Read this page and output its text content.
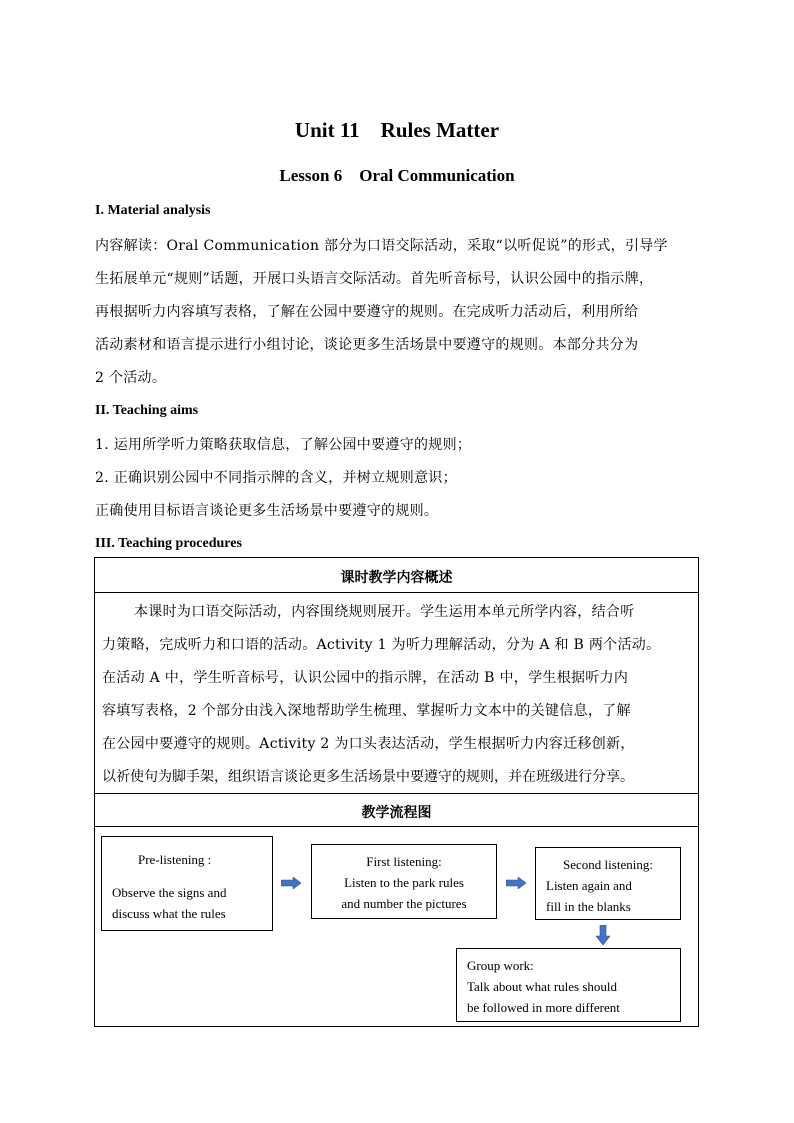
Unit 11    Rules Matter
Lesson 6    Oral Communication
I. Material analysis
内容解读：Oral Communication 部分为口语交际活动，采取“以听促说”的形式，引导学
生拓展单元“规则”话题，开展口头语言交际活动。首先听音标号，认识公园中的指示牌，
再根据听力内容填写表格，了解在公园中要遵守的规则。在完成听力活动后，利用所给
活动素材和语言提示进行小组讨论，谈论更多生活场景中要遵守的规则。本部分共分为
2 个活动。
II. Teaching aims
1. 运用所学听力策略获取信息，了解公园中要遵守的规则；
2. 正确识别公园中不同指示牌的含义，并树立规则意识；
正确使用目标语言谈论更多生活场景中要遵守的规则。
III. Teaching procedures
课时教学内容概述
本课时为口语交际活动，内容围绕规则展开。学生运用本单元所学内容，结合听
力策略，完成听力和口语的活动。Activity 1 为听力理解活动，分为 A 和 B 两个活动。
在活动 A 中，学生听音标号，认识公园中的指示牌，在活动 B 中，学生根据听力内
容填写表格，2 个部分由浅入深地帮助学生梳理、掌握听力文本中的关键信息，了解
在公园中要遵守的规则。Activity 2 为口头表达活动，学生根据听力内容迁移创新，
以祈使句为脚手架，组织语言谈论更多生活场景中要遵守的规则，并在班级进行分享。
教学流程图
Pre-listening :
Observe the signs and
discuss what the rules
First listening:
Listen to the park rules
and number the pictures
Second listening:
Listen again and
fill in the blanks
Group work:
Talk about what rules should
be followed in more different
